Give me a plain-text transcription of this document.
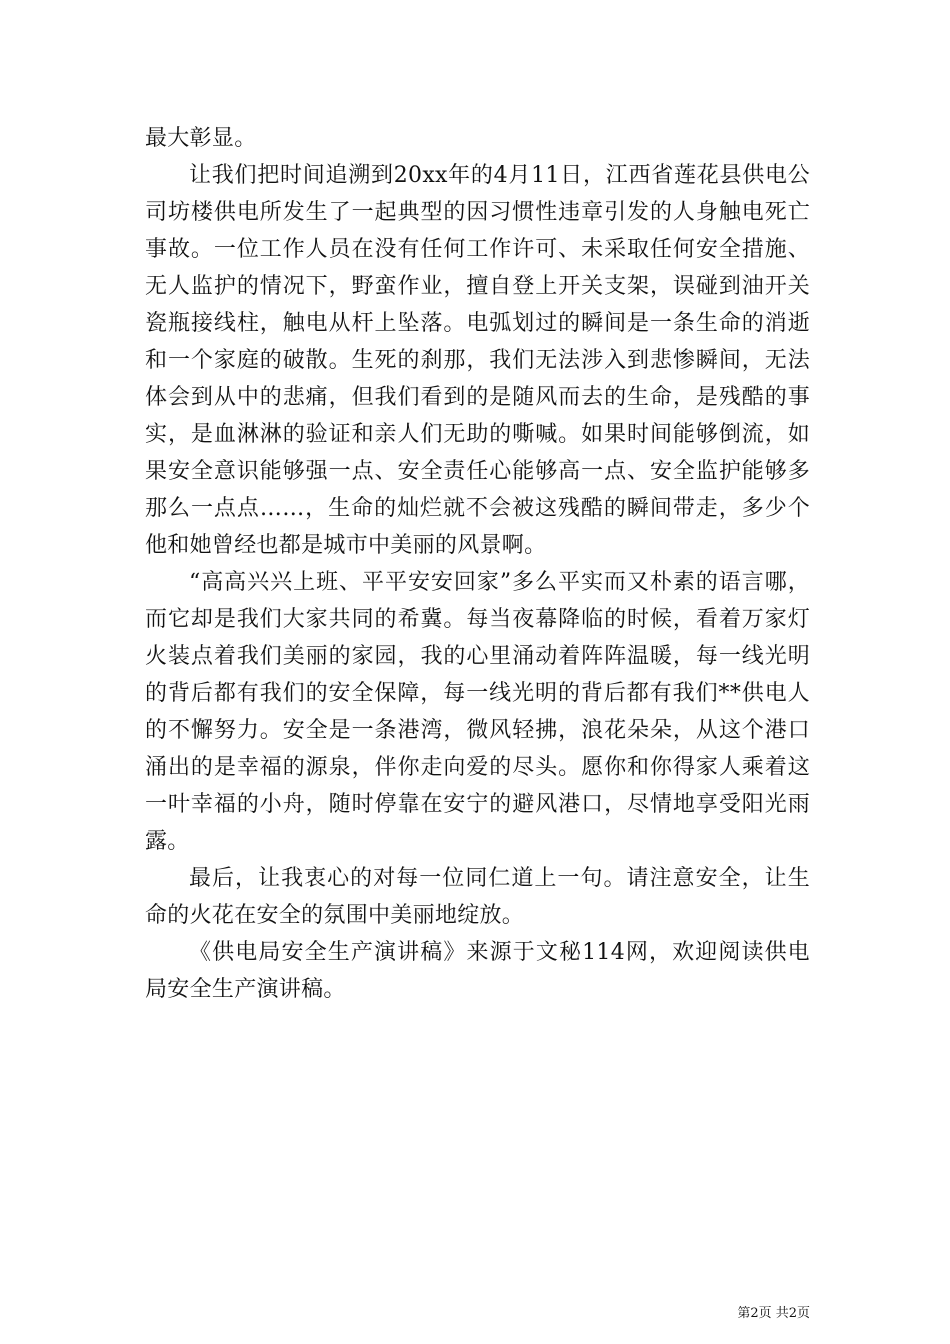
最大彰显。

让我们把时间追溯到20xx年的4月11日，江西省莲花县供电公司坊楼供电所发生了一起典型的因习惯性违章引发的人身触电死亡事故。一位工作人员在没有任何工作许可、未采取任何安全措施、无人监护的情况下，野蛮作业，擅自登上开关支架，误碰到油开关瓷瓶接线柱，触电从杆上坠落。电弧划过的瞬间是一条生命的消逝和一个家庭的破散。生死的刹那，我们无法涉入到悲惨瞬间，无法体会到从中的悲痛，但我们看到的是随风而去的生命，是残酷的事实，是血淋淋的验证和亲人们无助的嘶喊。如果时间能够倒流，如果安全意识能够强一点、安全责任心能够高一点、安全监护能够多那么一点点……，生命的灿烂就不会被这残酷的瞬间带走，多少个他和她曾经也都是城市中美丽的风景啊。

“高高兴兴上班、平平安安回家”多么平实而又朴素的语言哪，而它却是我们大家共同的希冀。每当夜幕降临的时候，看着万家灯火装点着我们美丽的家园，我的心里涌动着阵阵温暖，每一线光明的背后都有我们的安全保障，每一线光明的背后都有我们**供电人的不懈努力。安全是一条港湾，微风轻拂，浪花朵朵，从这个港口涌出的是幸福的源泉，伴你走向爱的尽头。愿你和你得家人乘着这一叶幸福的小舟，随时停靠在安宁的避风港口，尽情地享受阳光雨露。

最后，让我衷心的对每一位同仁道上一句。请注意安全，让生命的火花在安全的氛围中美丽地绽放。

《供电局安全生产演讲稿》来源于文秘114网，欢迎阅读供电局安全生产演讲稿。

第2页 共2页
